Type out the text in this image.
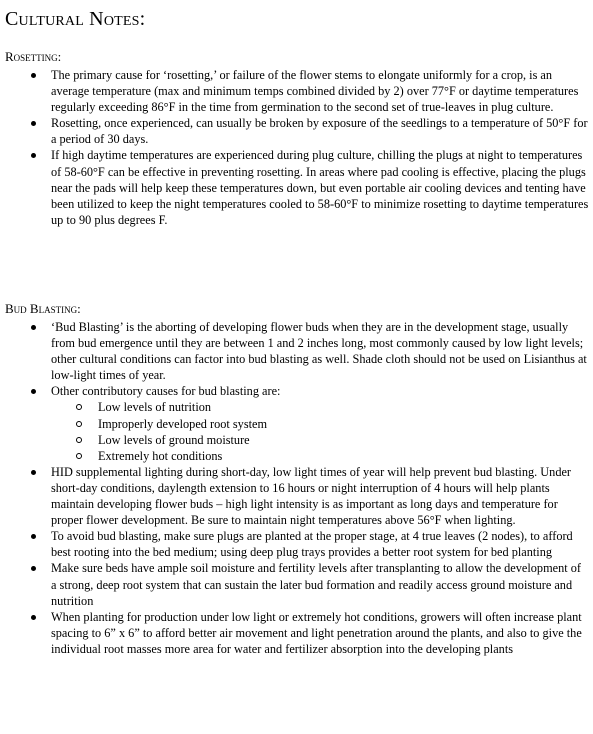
Cultural Notes:
Rosetting:
The primary cause for ‘rosetting,’ or failure of the flower stems to elongate uniformly for a crop, is an average temperature (max and minimum temps combined divided by 2) over 77°F or daytime temperatures regularly exceeding 86°F in the time from germination to the second set of true-leaves in plug culture.
Rosetting, once experienced, can usually be broken by exposure of the seedlings to a temperature of 50°F for a period of 30 days.
If high daytime temperatures are experienced during plug culture, chilling the plugs at night to temperatures of 58-60°F can be effective in preventing rosetting. In areas where pad cooling is effective, placing the plugs near the pads will help keep these temperatures down, but even portable air cooling devices and tenting have been utilized to keep the night temperatures cooled to 58-60°F to minimize rosetting to daytime temperatures up to 90 plus degrees F.
Bud Blasting:
‘Bud Blasting’ is the aborting of developing flower buds when they are in the development stage, usually from bud emergence until they are between 1 and 2 inches long, most commonly caused by low light levels; other cultural conditions can factor into bud blasting as well. Shade cloth should not be used on Lisianthus at low-light times of year.
Other contributory causes for bud blasting are:
Low levels of nutrition
Improperly developed root system
Low levels of ground moisture
Extremely hot conditions
HID supplemental lighting during short-day, low light times of year will help prevent bud blasting. Under short-day conditions, daylength extension to 16 hours or night interruption of 4 hours will help plants maintain developing flower buds – high light intensity is as important as long days and temperature for proper flower development. Be sure to maintain night temperatures above 56°F when lighting.
To avoid bud blasting, make sure plugs are planted at the proper stage, at 4 true leaves (2 nodes), to afford best rooting into the bed medium; using deep plug trays provides a better root system for bed planting
Make sure beds have ample soil moisture and fertility levels after transplanting to allow the development of a strong, deep root system that can sustain the later bud formation and readily access ground moisture and nutrition
When planting for production under low light or extremely hot conditions, growers will often increase plant spacing to 6” x 6” to afford better air movement and light penetration around the plants, and also to give the individual root masses more area for water and fertilizer absorption into the developing plants
